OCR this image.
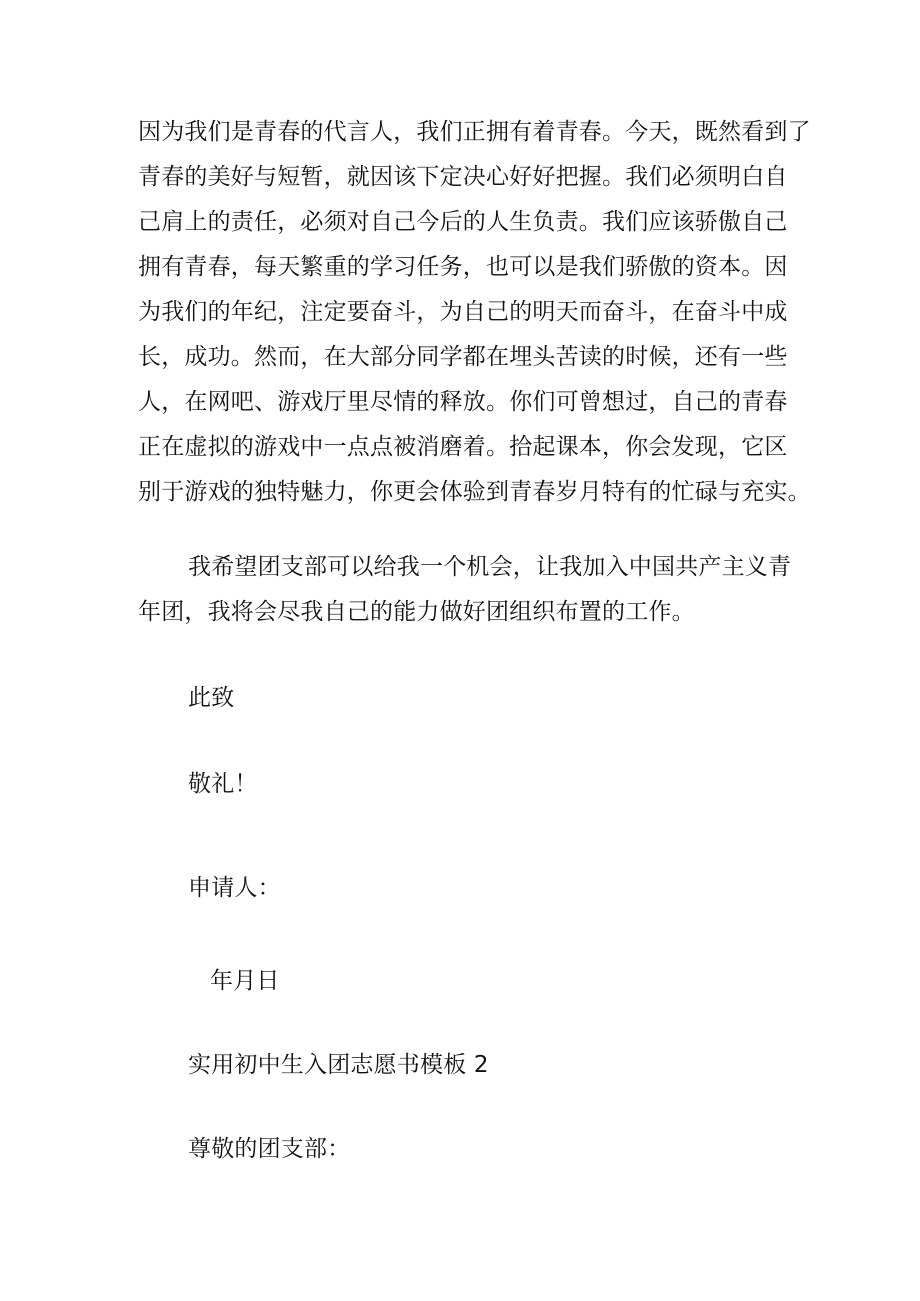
因为我们是青春的代言人，我们正拥有着青春。今天，既然看到了
青春的美好与短暂，就因该下定决心好好把握。我们必须明白自
己肩上的责任，必须对自己今后的人生负责。我们应该骄傲自己
拥有青春，每天繁重的学习任务，也可以是我们骄傲的资本。因
为我们的年纪，注定要奋斗，为自己的明天而奋斗，在奋斗中成
长，成功。然而，在大部分同学都在埋头苦读的时候，还有一些
人，在网吧、游戏厅里尽情的释放。你们可曾想过，自己的青春
正在虚拟的游戏中一点点被消磨着。拾起课本，你会发现，它区
别于游戏的独特魅力，你更会体验到青春岁月特有的忙碌与充实。
我希望团支部可以给我一个机会，让我加入中国共产主义青
年团，我将会尽我自己的能力做好团组织布置的工作。
此致
敬礼！
申请人：
年月日
实用初中生入团志愿书模板 2
尊敬的团支部：
